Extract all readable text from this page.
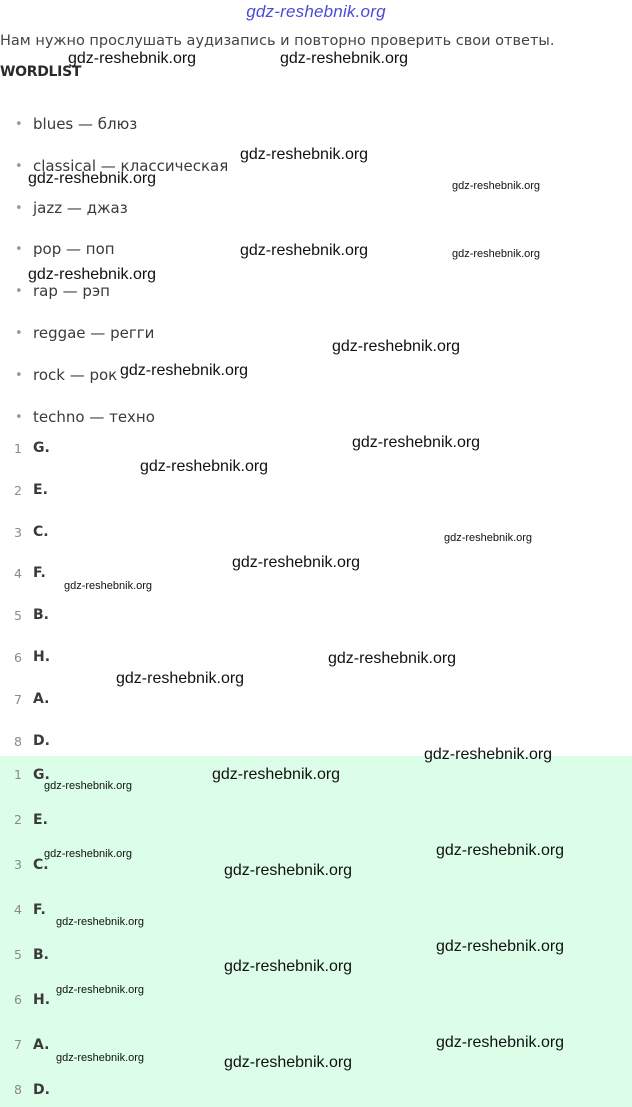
gdz-reshebnik.org
Нам нужно прослушать аудизапись и повторно проверить свои ответы.
WORDLIST
• blues — блюз
• classical — классическая
• jazz — джаз
• pop — поп
• rap — рэп
• reggae — регги
• rock — рок
• techno — техно
1 G.
2 E.
3 C.
4 F.
5 B.
6 H.
7 A.
8 D.
1 G.
2 E.
3 C.
4 F.
5 B.
6 H.
7 A.
8 D.
gdz-reshebnik.org	gdz-reshebnik.org
gdz-reshebnik.org
gdz-reshebnik.org	gdz-reshebnik.org
gdz-reshebnik.org	gdz-reshebnik.org
gdz-reshebnik.org
gdz-reshebnik.org
gdz-reshebnik.org
gdz-reshebnik.org
gdz-reshebnik.org
gdz-reshebnik.org
gdz-reshebnik.org
gdz-reshebnik.org
gdz-reshebnik.org
gdz-reshebnik.org
gdz-reshebnik.org
gdz-reshebnik.org
gdz-reshebnik.org
gdz-reshebnik.org
gdz-reshebnik.org
gdz-reshebnik.org
gdz-reshebnik.org
gdz-reshebnik.org
gdz-reshebnik.org
gdz-reshebnik.org
gdz-reshebnik.org
gdz-reshebnik.org	gdz-reshebnik.org
